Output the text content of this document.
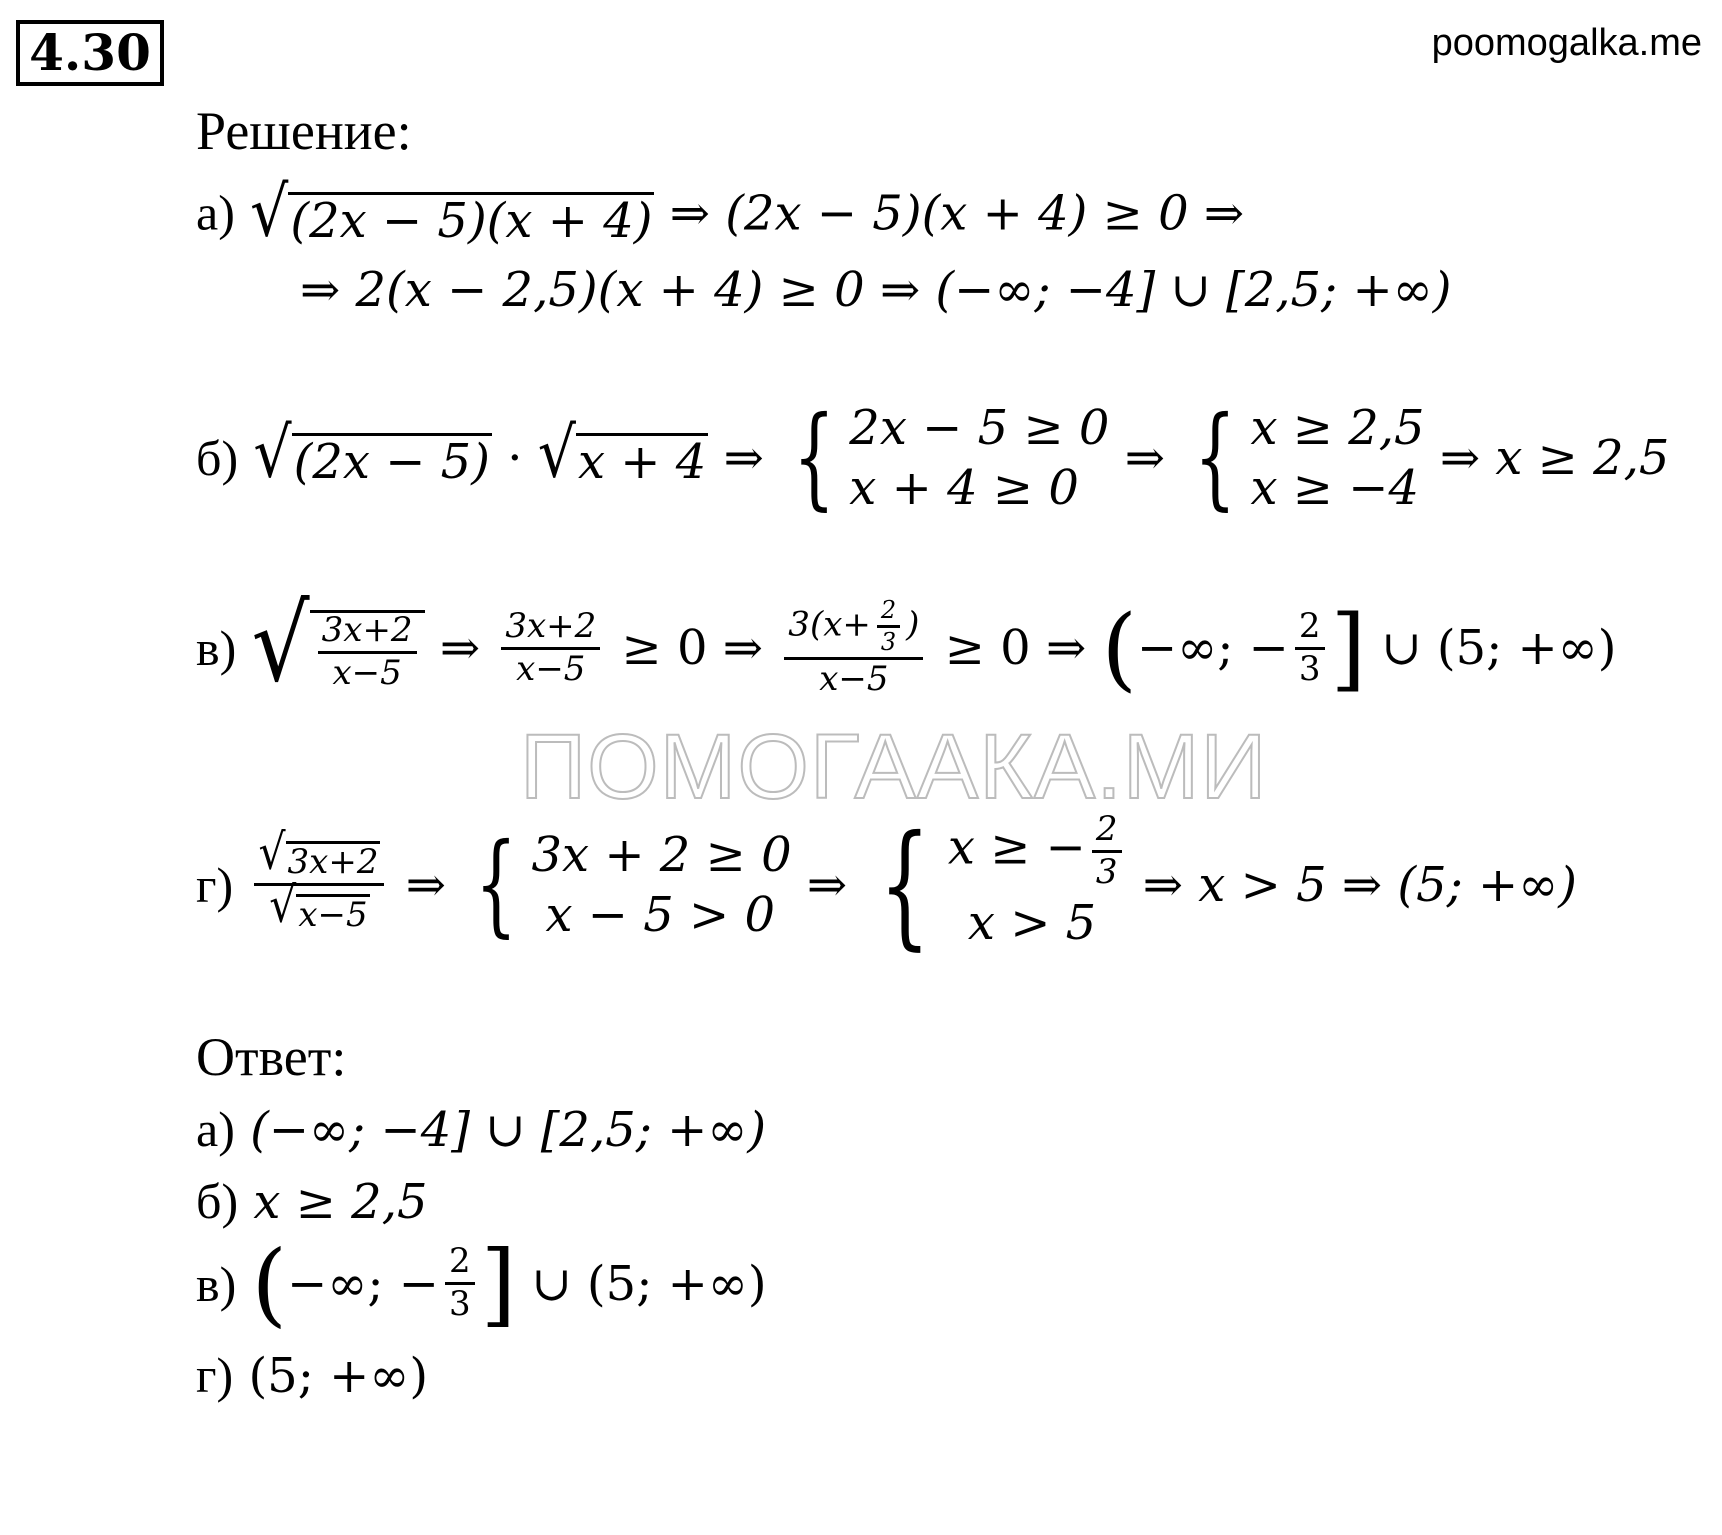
4.30	poomogalka.me
Решение:
а) √ (2x − 5)(x + 4) ⇒ (2x − 5)(x + 4) ≥ 0 ⇒
⇒ 2(x − 2,5)(x + 4) ≥ 0 ⇒ (−∞; −4] ∪ [2,5; +∞)
б) √ (2x − 5) · √ x + 4 ⇒ { 2x − 5 ≥ 0
x + 4 ≥ 0
⇒ { x ≥ 2,5
x ≥ −4
⇒ x ≥ 2,5
в) √ $\frac{3x+2}{x-5}$ ⇒ $\frac{3x+2}{x-5} \ge 0$ ⇒ $\frac{3(x+ \frac{2}{3} )}{x-5} \ge 0$ ⇒ (−∞; − $\frac{2}{3}$ ] ∪ (5; +∞)
ПОМОГААКА.МИ
$г) \frac{√ 3x+2}{√ x-5}$ ⇒ { 3x + 2 ≥ 0
x − 5 > 0
⇒ { x ≥ − $\frac{2}{3}$
x > 5
⇒ x > 5 ⇒ (5; +∞)
Ответ:
а) (−∞; −4] ∪ [2,5; +∞)
б) x ≥ 2,5
в) (−∞; − $\frac{2}{3}$ ] ∪ (5; +∞)
г) (5; +∞)
